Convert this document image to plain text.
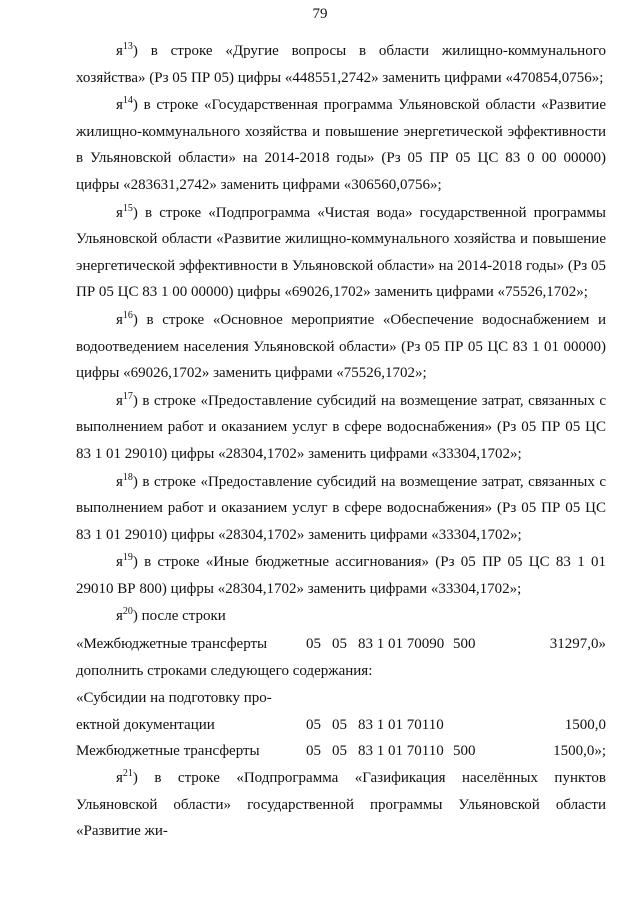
79

$я^{13}$) в строке «Другие вопросы в области жилищно-коммунального хозяйства» (Рз 05 ПР 05) цифры «448551,2742» заменить цифрами «470854,0756»;

$я^{14}$) в строке «Государственная программа Ульяновской области «Развитие жилищно-коммунального хозяйства и повышение энергетической эффективности в Ульяновской области» на 2014-2018 годы» (Рз 05 ПР 05 ЦС 83 0 00 00000) цифры «283631,2742» заменить цифрами «306560,0756»;

$я^{15}$) в строке «Подпрограмма «Чистая вода» государственной программы Ульяновской области «Развитие жилищно-коммунального хозяйства и повышение энергетической эффективности в Ульяновской области» на 2014-2018 годы» (Рз 05 ПР 05 ЦС 83 1 00 00000) цифры «69026,1702» заменить цифрами «75526,1702»;

$я^{16}$) в строке «Основное мероприятие «Обеспечение водоснабжением и водоотведением населения Ульяновской области» (Рз 05 ПР 05 ЦС 83 1 01 00000) цифры «69026,1702» заменить цифрами «75526,1702»;

$я^{17}$) в строке «Предоставление субсидий на возмещение затрат, связанных с выполнением работ и оказанием услуг в сфере водоснабжения» (Рз 05 ПР 05 ЦС 83 1 01 29010) цифры «28304,1702» заменить цифрами «33304,1702»;

$я^{18}$) в строке «Предоставление субсидий на возмещение затрат, связанных с выполнением работ и оказанием услуг в сфере водоснабжения» (Рз 05 ПР 05 ЦС 83 1 01 29010) цифры «28304,1702» заменить цифрами «33304,1702»;

$я^{19}$) в строке «Иные бюджетные ассигнования» (Рз 05 ПР 05 ЦС 83 1 01 29010 ВР 800) цифры «28304,1702» заменить цифрами «33304,1702»;

$я^{20}$) после строки

«Межбюджетные трансферты	05	05	83 1 01 70090	500	31297,0»

дополнить строками следующего содержания:

«Субсидии на подготовку про-					
ектной документации	05	05	83 1 01 70110		1500,0
Межбюджетные трансферты	05	05	83 1 01 70110	500	1500,0»;

$я^{21}$) в строке «Подпрограмма «Газификация населённых пунктов Ульяновской области» государственной программы Ульяновской области «Развитие жи-
